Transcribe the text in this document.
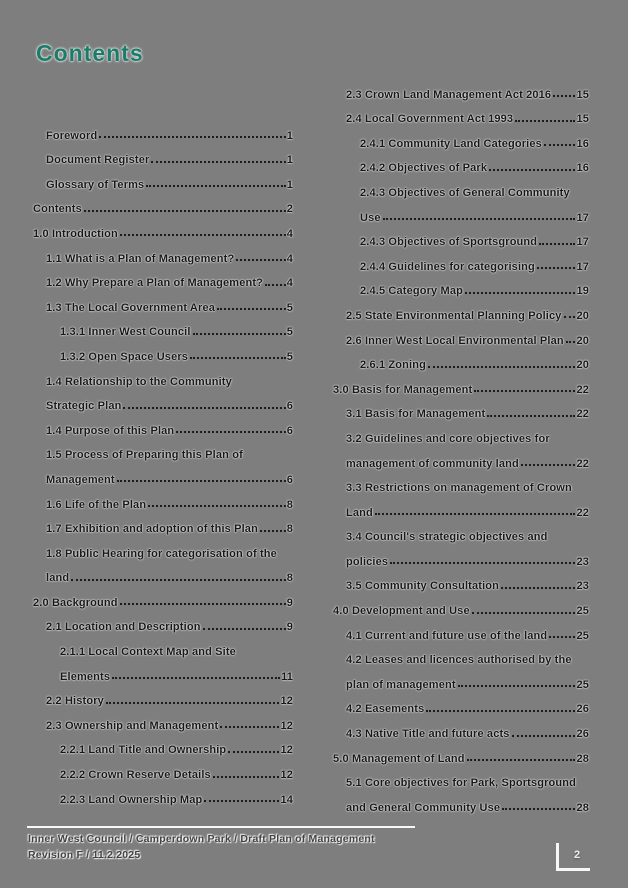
Contents
Foreword	1
Document Register	1
Glossary of Terms	1
Contents	2
1.0 Introduction	4
1.1 What is a Plan of Management?	4
1.2 Why Prepare a Plan of Management? 4
1.3 The Local Government Area	5
1.3.1 Inner West Council	5
1.3.2 Open Space Users	5
1.4 Relationship to the Community
Strategic Plan	6
1.4 Purpose of this Plan	6
1.5 Process of Preparing this Plan of
Management	6
1.6 Life of the Plan	8
1.7 Exhibition and adoption of this Plan	8
1.8 Public Hearing for categorisation of the
land	8
2.0 Background	9
2.1 Location and Description	9
2.1.1 Local Context Map and Site
Elements	11
2.2 History	12
2.3 Ownership and Management	12
2.2.1 Land Title and Ownership	12
2.2.2 Crown Reserve Details	12
2.2.3 Land Ownership Map	14
2.3 Crown Land Management Act 2016 15
2.4 Local Government Act 1993	15
2.4.1 Community Land Categories	16
2.4.2 Objectives of Park	16
2.4.3 Objectives of General Community
Use	17
2.4.3 Objectives of Sportsground	17
2.4.4 Guidelines for categorising	17
2.4.5 Category Map	19
2.5 State Environmental Planning Policy 20
2.6 Inner West Local Environmental Plan 20
2.6.1 Zoning	20
3.0 Basis for Management	22
3.1 Basis for Management	22
3.2 Guidelines and core objectives for
management of community land	22
3.3 Restrictions on management of Crown
Land	22
3.4 Council's strategic objectives and
policies	23
3.5 Community Consultation	23
4.0 Development and Use	25
4.1 Current and future use of the land	25
4.2 Leases and licences authorised by the
plan of management	25
4.2 Easements	26
4.3 Native Title and future acts	26
5.0 Management of Land	28
5.1 Core objectives for Park, Sportsground
and General Community Use	28
Inner West Council / Camperdown Park / Draft Plan of Management
Revision F / 11.2.2025	2
